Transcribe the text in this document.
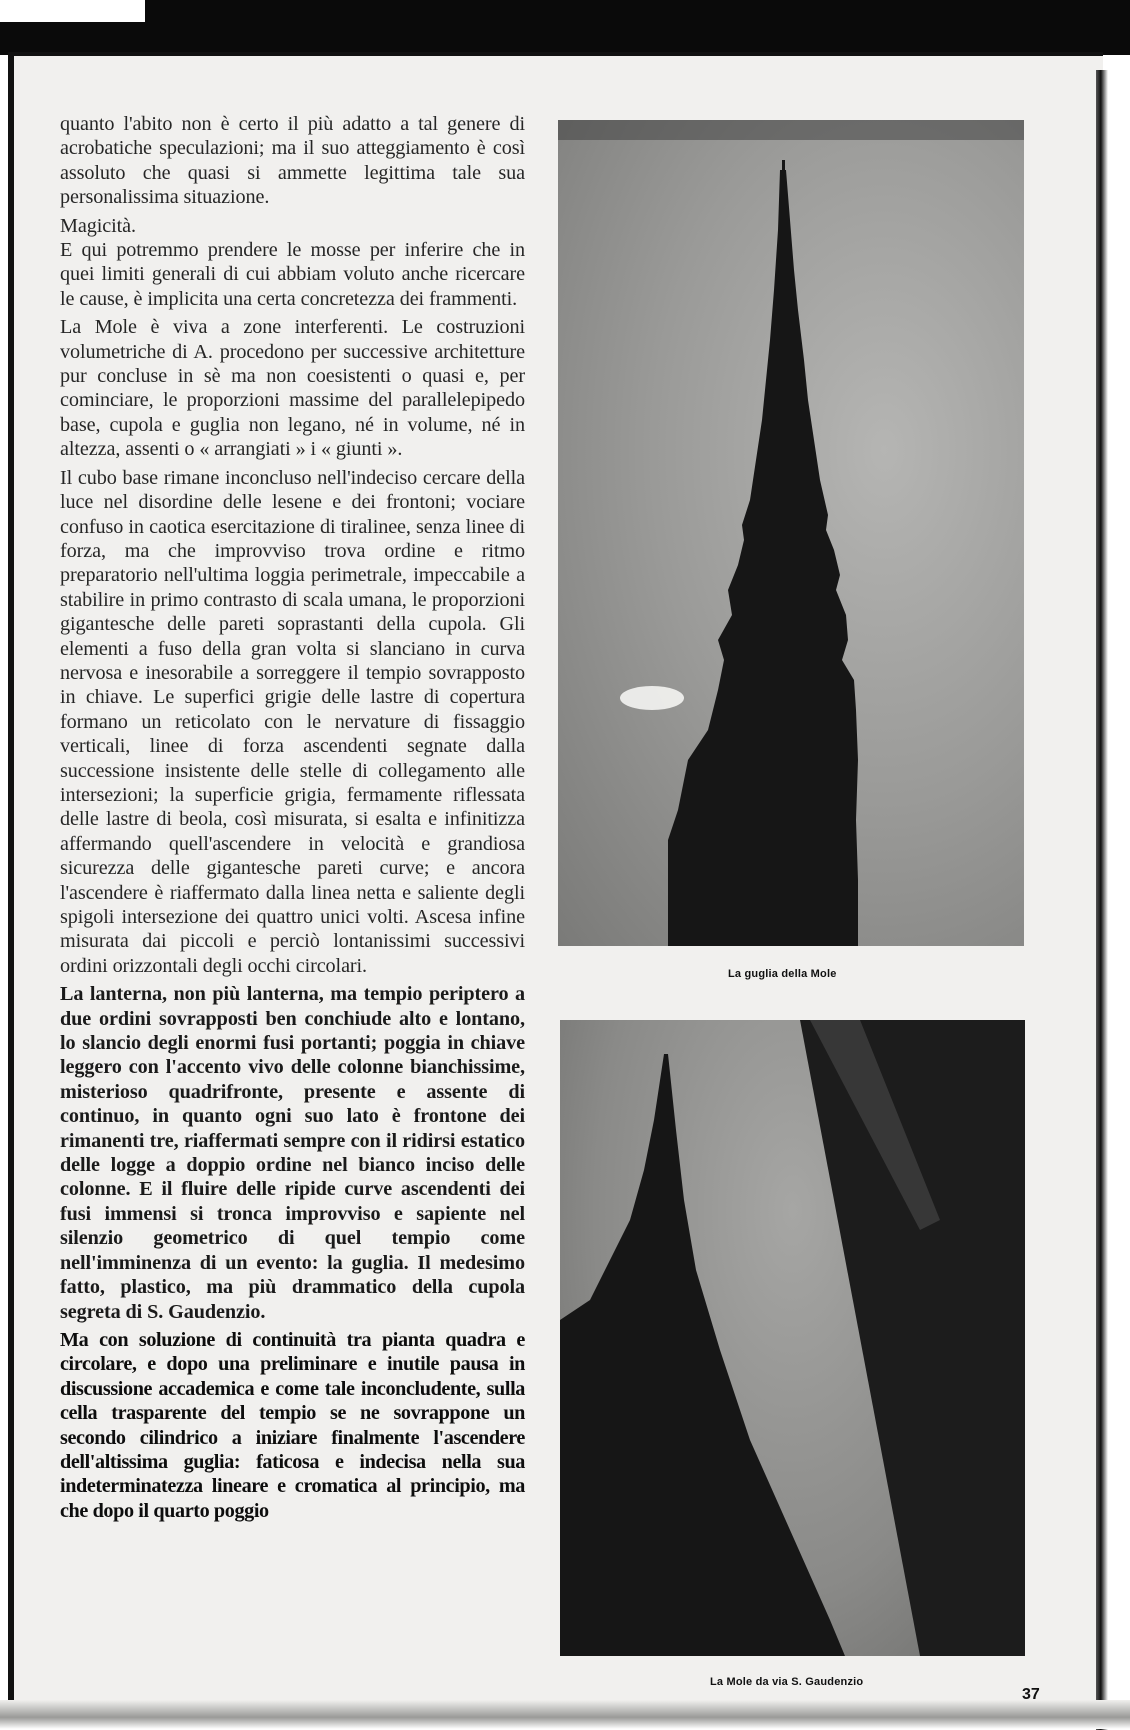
quanto l'abito non è certo il più adatto a tal genere di acrobatiche speculazioni; ma il suo atteggiamento è così assoluto che quasi si ammette legittima tale sua personalissima situazione.

Magicità.

E qui potremmo prendere le mosse per inferire che in quei limiti generali di cui abbiam voluto anche ricercare le cause, è implicita una certa concretezza dei frammenti.

La Mole è viva a zone interferenti. Le costruzioni volumetriche di A. procedono per successive architetture pur concluse in sè ma non coesistenti o quasi e, per cominciare, le proporzioni massime del parallelepipedo base, cupola e guglia non legano, né in volume, né in altezza, assenti o « arrangiati » i « giunti ».

Il cubo base rimane inconcluso nell'indeciso cercare della luce nel disordine delle lesene e dei frontoni; vociare confuso in caotica esercitazione di tiralinee, senza linee di forza, ma che improvviso trova ordine e ritmo preparatorio nell'ultima loggia perimetrale, impeccabile a stabilire in primo contrasto di scala umana, le proporzioni gigantesche delle pareti soprastanti della cupola. Gli elementi a fuso della gran volta si slanciano in curva nervosa e inesorabile a sorreggere il tempio sovrapposto in chiave. Le superfici grigie delle lastre di copertura formano un reticolato con le nervature di fissaggio verticali, linee di forza ascendenti segnate dalla successione insistente delle stelle di collegamento alle intersezioni; la superficie grigia, fermamente riflessata delle lastre di beola, così misurata, si esalta e infinitizza affermando quell'ascendere in velocità e grandiosa sicurezza delle gigantesche pareti curve; e ancora l'ascendere è riaffermato dalla linea netta e saliente degli spigoli intersezione dei quattro unici volti. Ascesa infine misurata dai piccoli e perciò lontanissimi successivi ordini orizzontali degli occhi circolari.

La lanterna, non più lanterna, ma tempio periptero a due ordini sovrapposti ben conchiude alto e lontano, lo slancio degli enormi fusi portanti; poggia in chiave leggero con l'accento vivo delle colonne bianchissime, misterioso quadrifronte, presente e assente di continuo, in quanto ogni suo lato è frontone dei rimanenti tre, riaffermati sempre con il ridirsi estatico delle logge a doppio ordine nel bianco inciso delle colonne. E il fluire delle ripide curve ascendenti dei fusi immensi si tronca improvviso e sapiente nel silenzio geometrico di quel tempio come nell'imminenza di un evento: la guglia. Il medesimo fatto, plastico, ma più drammatico della cupola segreta di S. Gaudenzio.

Ma con soluzione di continuità tra pianta quadra e circolare, e dopo una preliminare e inutile pausa in discussione accademica e come tale inconcludente, sulla cella trasparente del tempio se ne sovrappone un secondo cilindrico a iniziare finalmente l'ascendere dell'altissima guglia: faticosa e indecisa nella sua indeterminatezza lineare e cromatica al principio, ma che dopo il quarto poggio

La guglia della Mole
La Mole da via S. Gaudenzio
37
